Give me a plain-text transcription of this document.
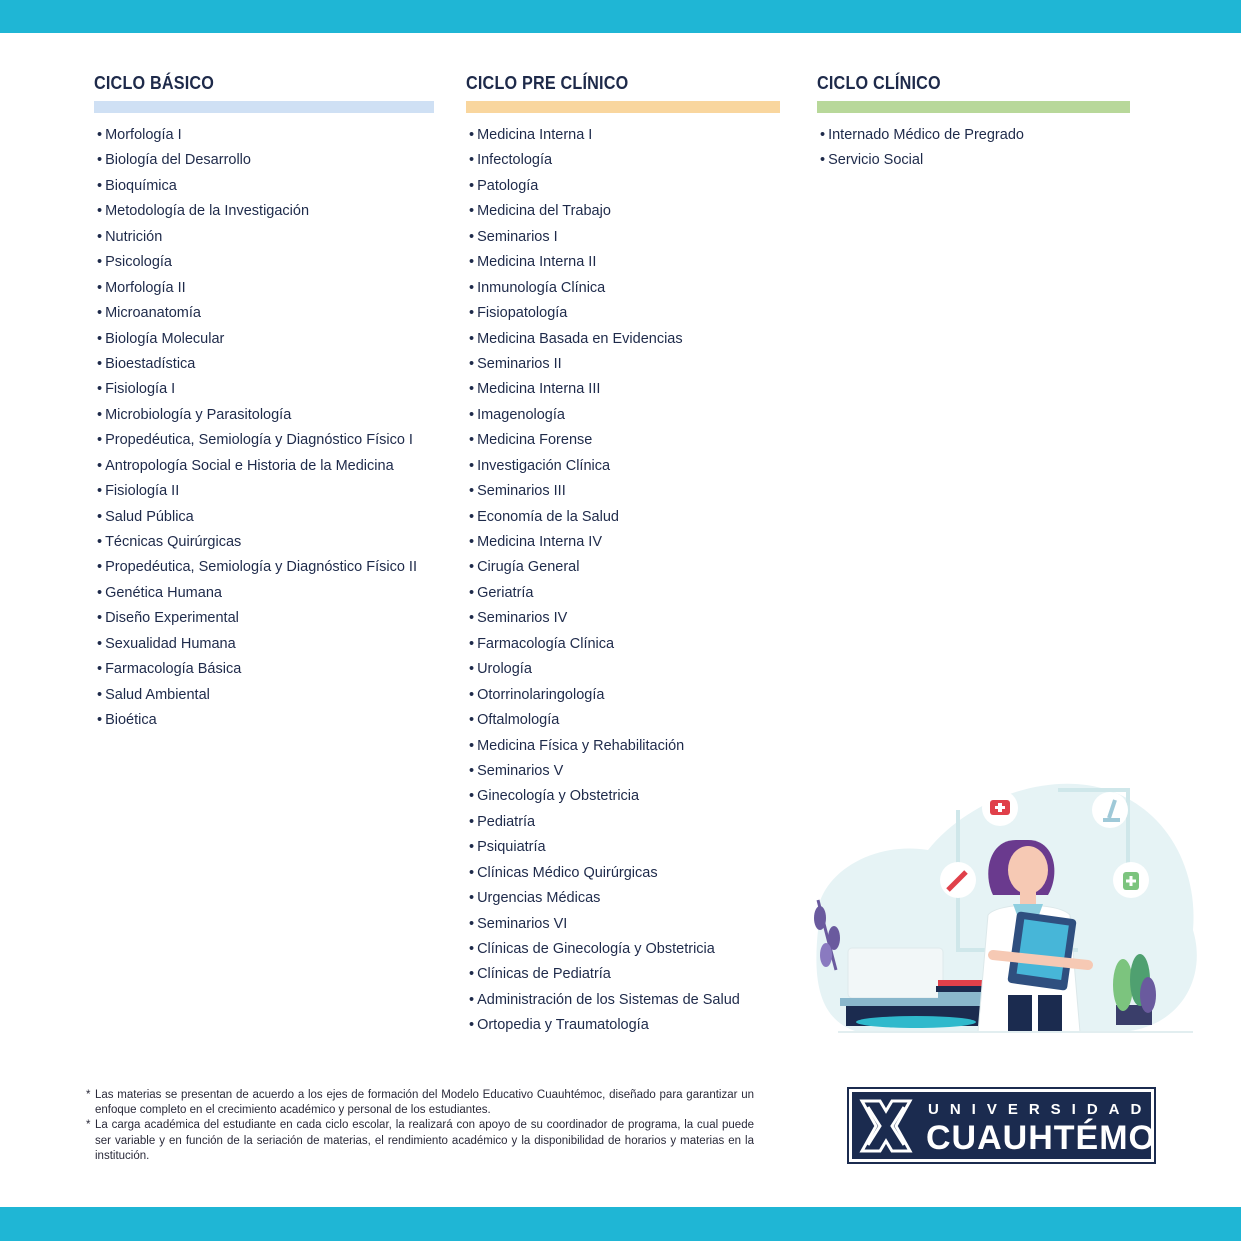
CICLO BÁSICO
• Morfología I
• Biología del Desarrollo
• Bioquímica
• Metodología de la Investigación
• Nutrición
• Psicología
• Morfología II
• Microanatomía
• Biología Molecular
• Bioestadística
• Fisiología I
• Microbiología y Parasitología
• Propedéutica, Semiología y Diagnóstico Físico I
• Antropología Social e Historia de la Medicina
• Fisiología II
• Salud Pública
• Técnicas Quirúrgicas
• Propedéutica, Semiología y Diagnóstico Físico II
• Genética Humana
• Diseño Experimental
• Sexualidad Humana
• Farmacología Básica
• Salud Ambiental
• Bioética
CICLO PRE CLÍNICO
• Medicina Interna I
• Infectología
• Patología
• Medicina del Trabajo
• Seminarios I
• Medicina Interna II
• Inmunología Clínica
• Fisiopatología
• Medicina Basada en Evidencias
• Seminarios II
• Medicina Interna III
• Imagenología
• Medicina Forense
• Investigación Clínica
• Seminarios III
• Economía de la Salud
• Medicina Interna IV
• Cirugía General
• Geriatría
• Seminarios IV
• Farmacología Clínica
• Urología
• Otorrinolaringología
• Oftalmología
• Medicina Física y Rehabilitación
• Seminarios V
• Ginecología y Obstetricia
• Pediatría
• Psiquiatría
• Clínicas Médico Quirúrgicas
• Urgencias Médicas
• Seminarios VI
• Clínicas de Ginecología y Obstetricia
• Clínicas de Pediatría
• Administración de los Sistemas de Salud
• Ortopedia y Traumatología
CICLO CLÍNICO
• Internado Médico de Pregrado
• Servicio Social
* Las materias se presentan de acuerdo a los ejes de formación del Modelo Educativo Cuauhtémoc, diseñado para garantizar un enfoque completo en el crecimiento académico y personal de los estudiantes.
* La carga académica del estudiante en cada ciclo escolar, la realizará con apoyo de su coordinador de programa, la cual puede ser variable y en función de la seriación de materias, el rendimiento académico y la disponibilidad de horarios y materias en la institución.
UNIVERSIDAD
CUAUHTÉMOC
